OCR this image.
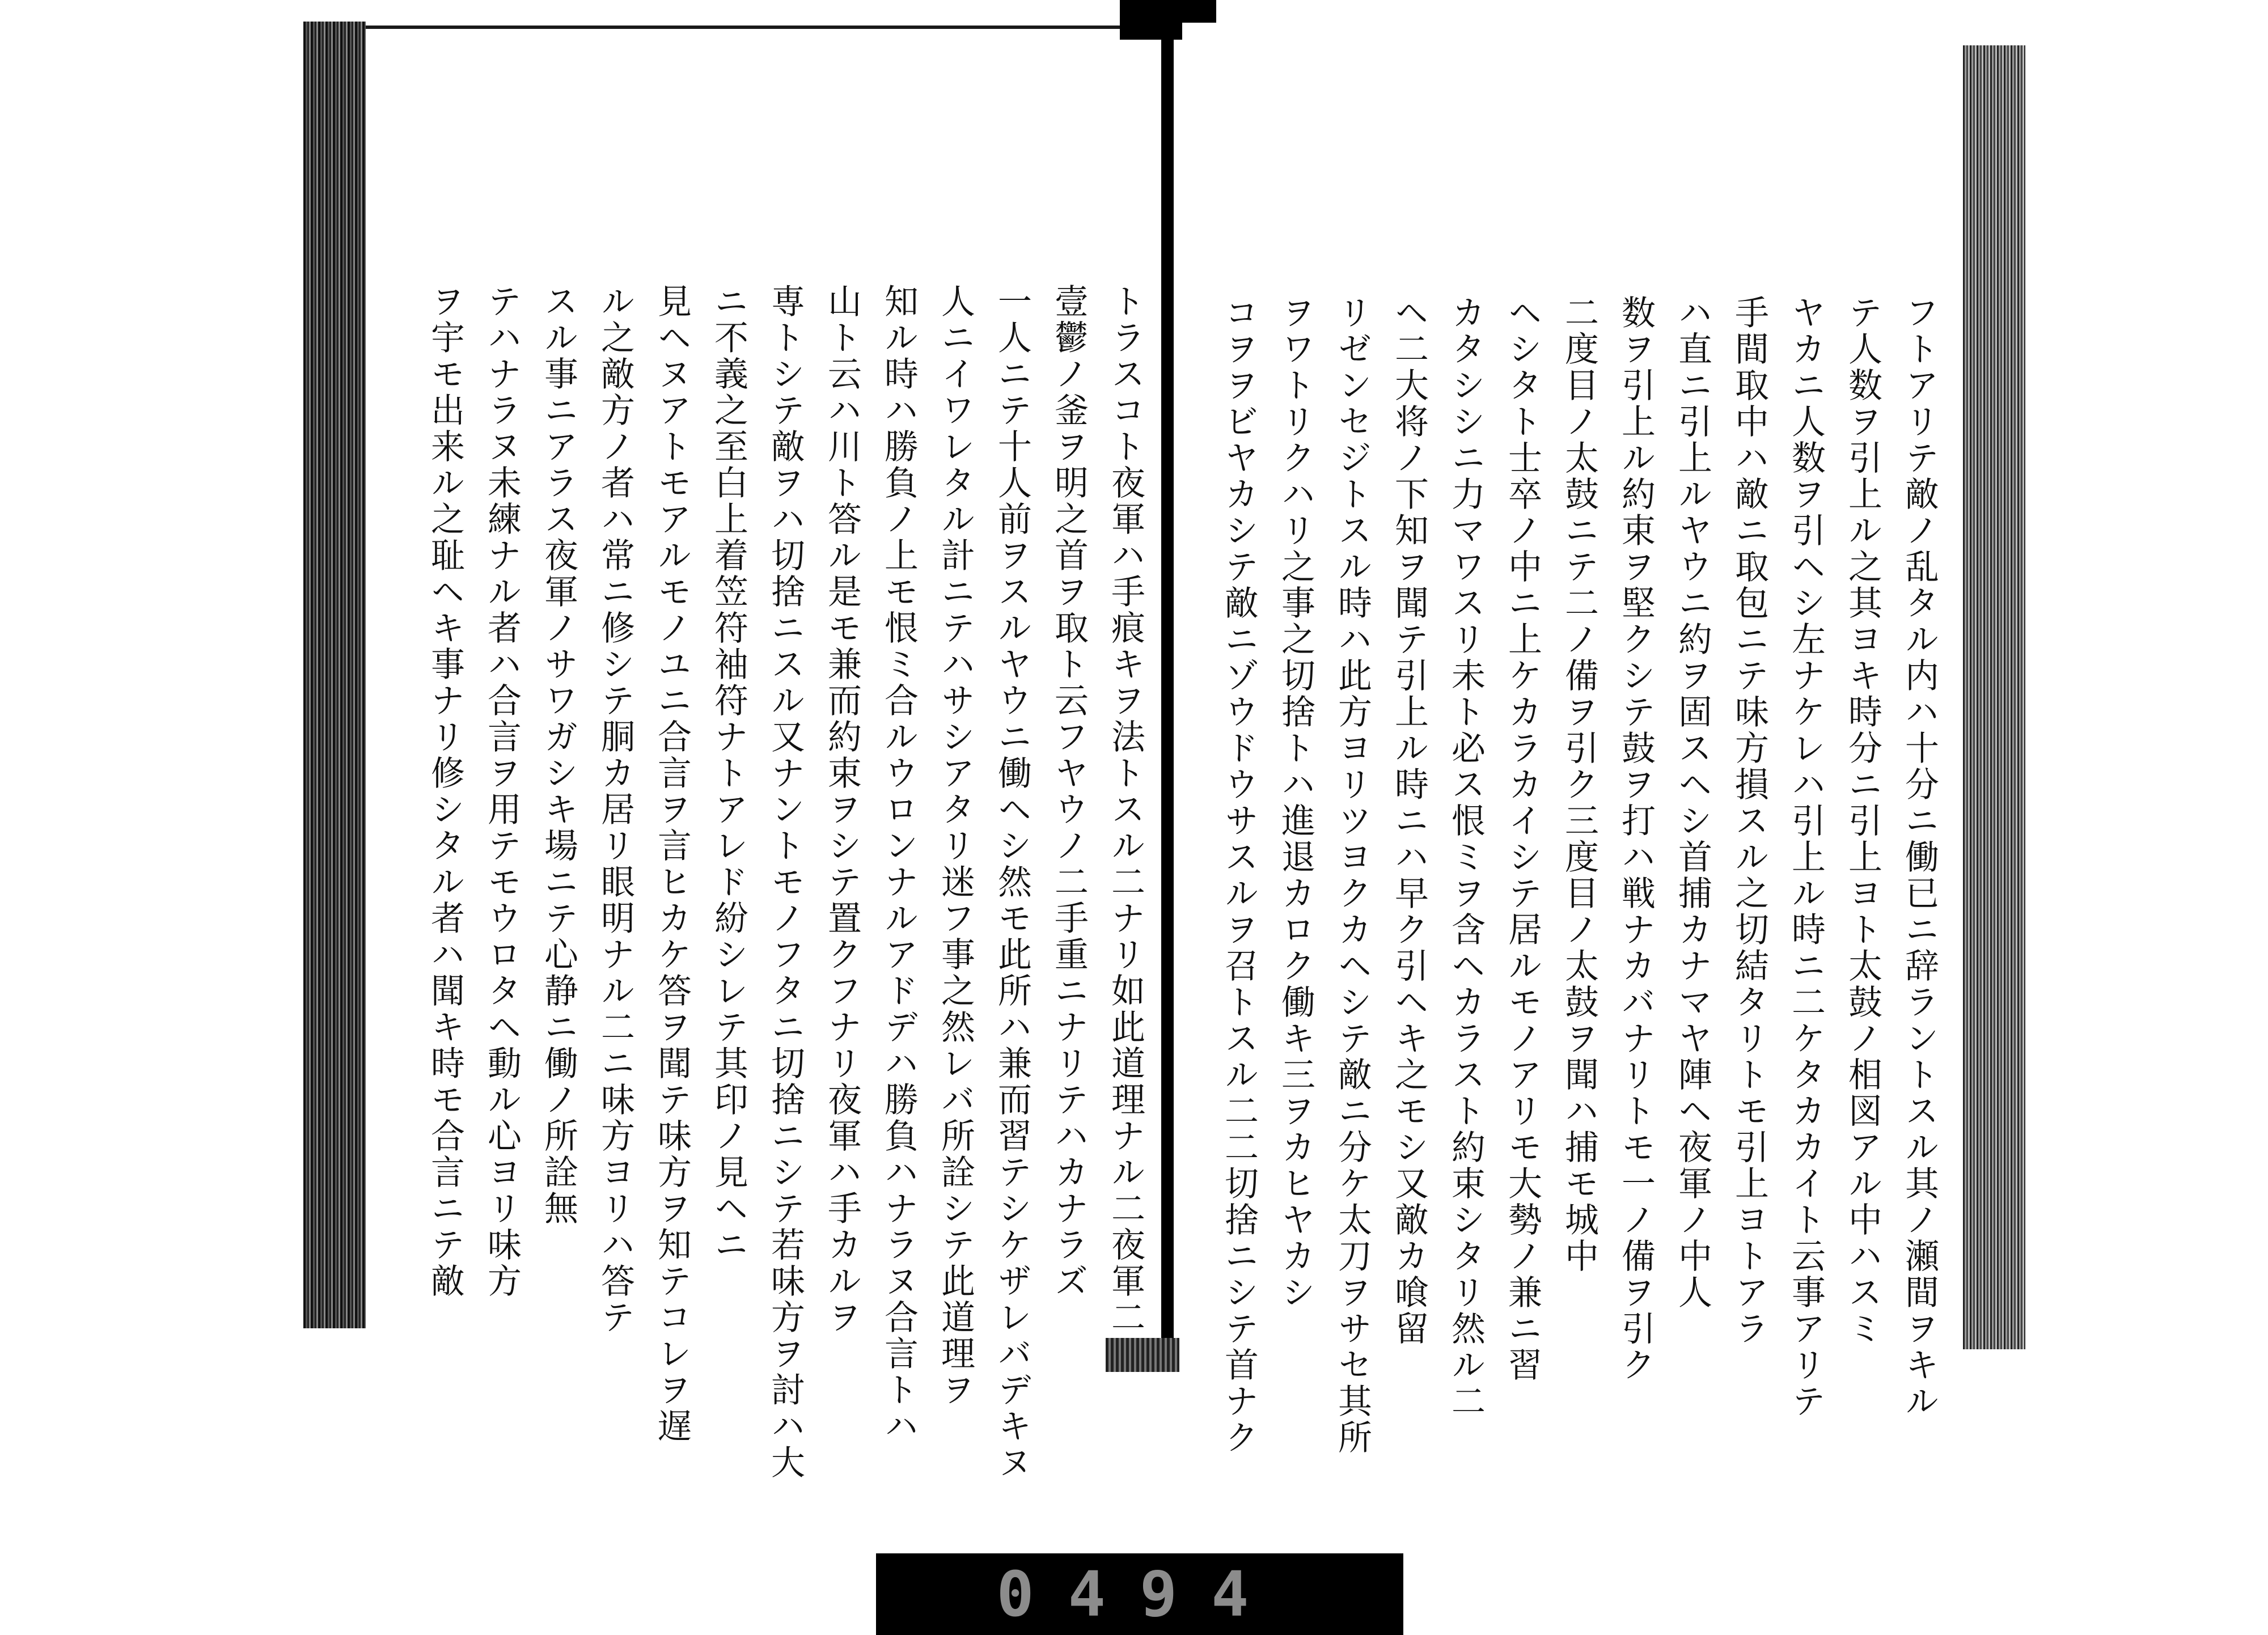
トラスコト夜軍ハ手痕キヲ法トスル二ナリ如此道理ナル二夜軍二
壹鬱ノ釜ヲ明之首ヲ取ト云フヤウノ二手重ニナリテハカナラズ
一人ニテ十人前ヲスルヤウニ働ヘシ然モ此所ハ兼而習テシケザレバデキヌ
人ニイワレタル計ニテハサシアタリ迷フ事之然レバ所詮シテ此道理ヲ
知ル時ハ勝負ノ上モ恨ミ合ルウロンナルアドデハ勝負ハナラヌ合言トハ
山ト云ハ川ト答ル是モ兼而約束ヲシテ置クフナリ夜軍ハ手カルヲ
専トシテ敵ヲハ切捨ニスル又ナントモノフタニ切捨ニシテ若味方ヲ討ハ大
ニ不義之至白上着笠符袖符ナトアレド紛シレテ其印ノ見ヘニ
見ヘヌアトモアルモノユニ合言ヲ言ヒカケ答ヲ聞テ味方ヲ知テコレヲ遅
ル之敵方ノ者ハ常ニ修シテ胴カ居リ眼明ナル二ニ味方ヨリハ答テ
スル事ニアラス夜軍ノサワガシキ場ニテ心静ニ働ノ所詮無
テハナラヌ未練ナル者ハ合言ヲ用テモウロタヘ動ル心ヨリ味方
ヲ宇モ出来ル之耻ヘキ事ナリ修シタル者ハ聞キ時モ合言ニテ敵	フトアリテ敵ノ乱タル内ハ十分ニ働已ニ辞ラントスル其ノ瀬間ヲキル
テ人数ヲ引上ル之其ヨキ時分ニ引上ヨト太鼓ノ相図アル中ハスミ
ヤカニ人数ヲ引ヘシ左ナケレハ引上ル時ニ二ケタカカイト云事アリテ
手間取中ハ敵ニ取包ニテ味方損スル之切結タリトモ引上ヨトアラ
ハ直ニ引上ルヤウニ約ヲ固スヘシ首捕カナマヤ陣ヘ夜軍ノ中人
数ヲ引上ル約束ヲ堅クシテ鼓ヲ打ハ戦ナカバナリトモ一ノ備ヲ引ク
二度目ノ太鼓ニテ二ノ備ヲ引ク三度目ノ太鼓ヲ聞ハ捕モ城中
ヘシタト士卒ノ中ニ上ケカラカイシテ居ルモノアリモ大勢ノ兼ニ習
カタシシニ力マワスリ未ト必ス恨ミヲ含ヘカラスト約束シタリ然ル二
ヘ二大将ノ下知ヲ聞テ引上ル時ニハ早ク引ヘキ之モシ又敵カ喰留
リゼンセジトスル時ハ此方ヨリツヨクカヘシテ敵ニ分ケ太刀ヲサセ其所
ヲワトリクハリ之事之切捨トハ進退カロク働キ三ヲカヒヤカシ
コヲヲビヤカシテ敵ニゾウドウサスルヲ召トスル二二切捨ニシテ首ナク
0494
